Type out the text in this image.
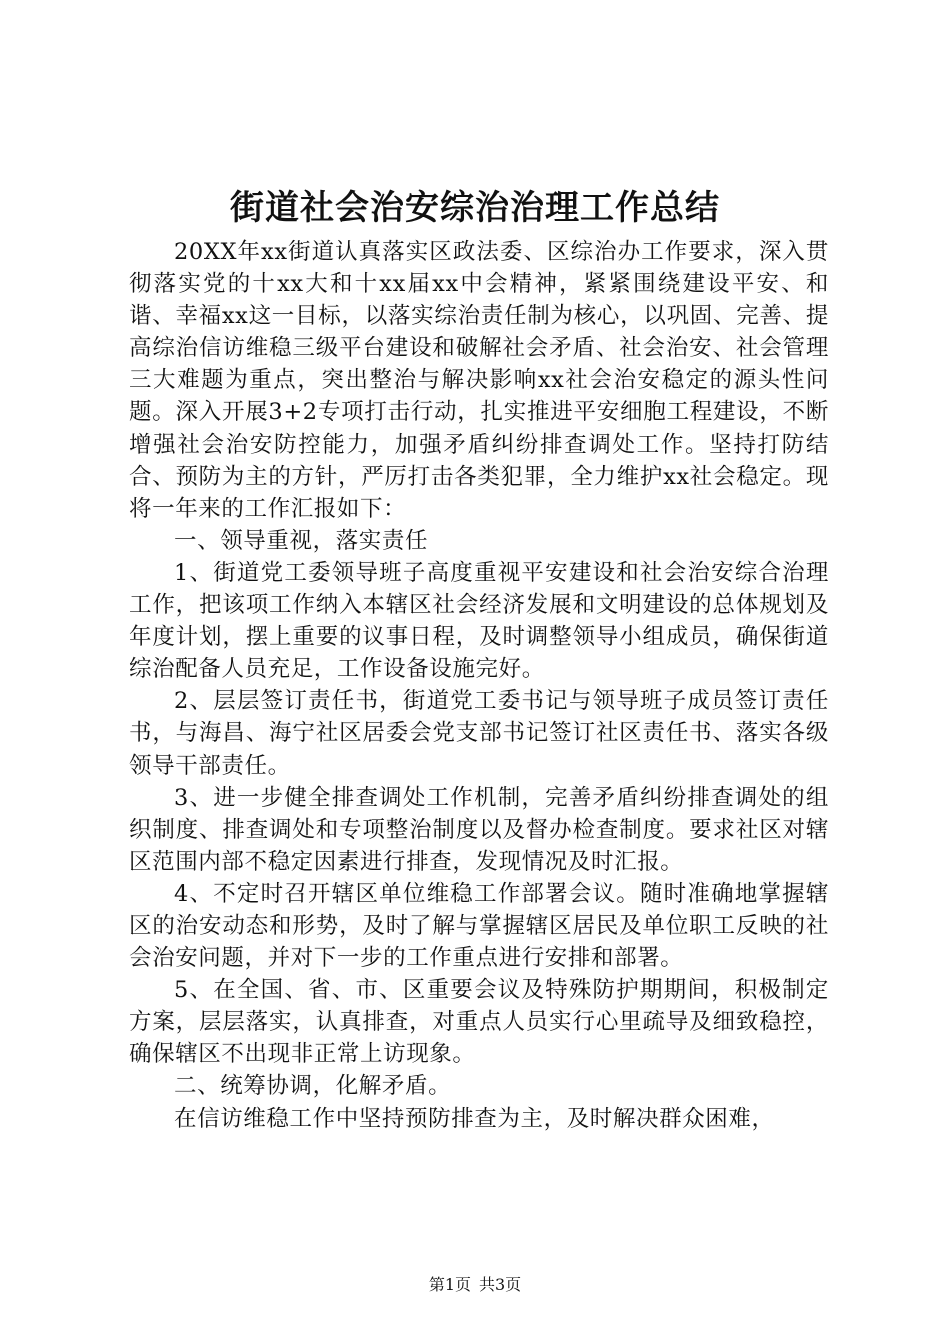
街道社会治安综治治理工作总结

20XX年xx街道认真落实区政法委、区综治办工作要求，深入贯彻落实党的十xx大和十xx届xx中会精神，紧紧围绕建设平安、和谐、幸福xx这一目标，以落实综治责任制为核心，以巩固、完善、提高综治信访维稳三级平台建设和破解社会矛盾、社会治安、社会管理三大难题为重点，突出整治与解决影响xx社会治安稳定的源头性问题。深入开展3+2专项打击行动，扎实推进平安细胞工程建设，不断增强社会治安防控能力，加强矛盾纠纷排查调处工作。坚持打防结合、预防为主的方针，严厉打击各类犯罪，全力维护xx社会稳定。现将一年来的工作汇报如下：

一、领导重视，落实责任

1、街道党工委领导班子高度重视平安建设和社会治安综合治理工作，把该项工作纳入本辖区社会经济发展和文明建设的总体规划及年度计划，摆上重要的议事日程，及时调整领导小组成员，确保街道综治配备人员充足，工作设备设施完好。

2、层层签订责任书，街道党工委书记与领导班子成员签订责任书，与海昌、海宁社区居委会党支部书记签订社区责任书、落实各级领导干部责任。

3、进一步健全排查调处工作机制，完善矛盾纠纷排查调处的组织制度、排查调处和专项整治制度以及督办检查制度。要求社区对辖区范围内部不稳定因素进行排查，发现情况及时汇报。

4、不定时召开辖区单位维稳工作部署会议。随时准确地掌握辖区的治安动态和形势，及时了解与掌握辖区居民及单位职工反映的社会治安问题，并对下一步的工作重点进行安排和部署。

5、在全国、省、市、区重要会议及特殊防护期期间，积极制定方案，层层落实，认真排查，对重点人员实行心里疏导及细致稳控，确保辖区不出现非正常上访现象。

二、统筹协调，化解矛盾。

在信访维稳工作中坚持预防排查为主，及时解决群众困难，

第1页 共3页
